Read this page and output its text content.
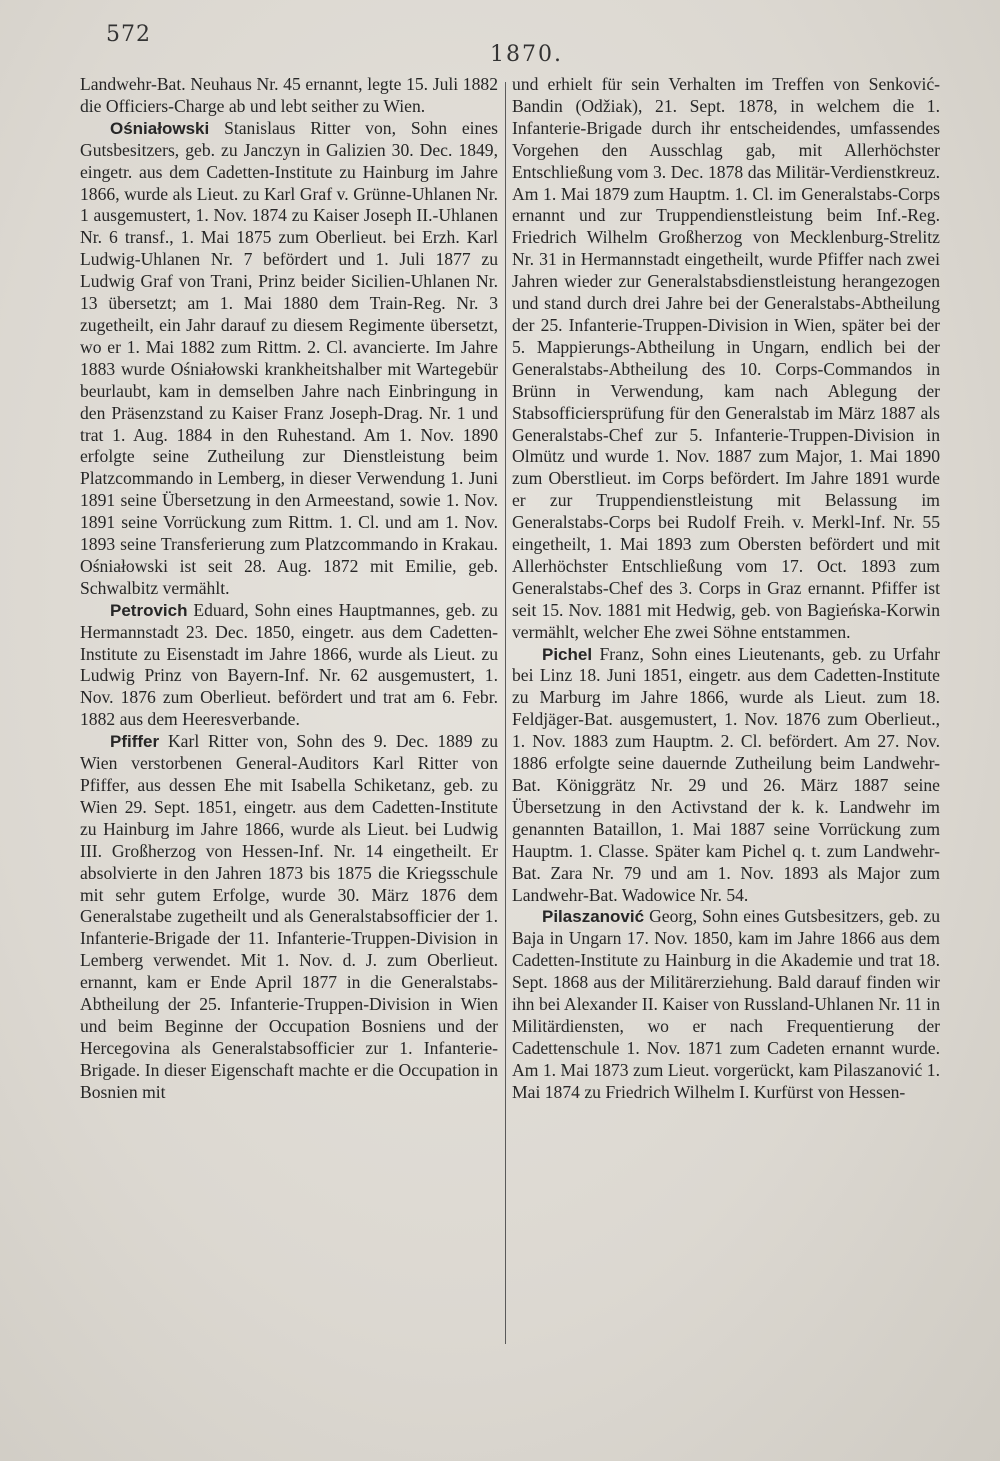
572
1870.

Landwehr-Bat. Neuhaus Nr. 45 ernannt, legte 15. Juli 1882 die Officiers-Charge ab und lebt seither zu Wien.

Ośniałowski Stanislaus Ritter von, Sohn eines Gutsbesitzers, geb. zu Janczyn in Galizien 30. Dec. 1849, eingetr. aus dem Cadetten-Institute zu Hainburg im Jahre 1866, wurde als Lieut. zu Karl Graf v. Grünne-Uhlanen Nr. 1 ausgemustert, 1. Nov. 1874 zu Kaiser Joseph II.-Uhlanen Nr. 6 transf., 1. Mai 1875 zum Oberlieut. bei Erzh. Karl Ludwig-Uhlanen Nr. 7 befördert und 1. Juli 1877 zu Ludwig Graf von Trani, Prinz beider Sicilien-Uhlanen Nr. 13 übersetzt; am 1. Mai 1880 dem Train-Reg. Nr. 3 zugetheilt, ein Jahr darauf zu diesem Regimente übersetzt, wo er 1. Mai 1882 zum Rittm. 2. Cl. avancierte. Im Jahre 1883 wurde Ośniałowski krankheitshalber mit Wartegebür beurlaubt, kam in demselben Jahre nach Einbringung in den Präsenzstand zu Kaiser Franz Joseph-Drag. Nr. 1 und trat 1. Aug. 1884 in den Ruhestand. Am 1. Nov. 1890 erfolgte seine Zutheilung zur Dienstleistung beim Platzcommando in Lemberg, in dieser Verwendung 1. Juni 1891 seine Übersetzung in den Armeestand, sowie 1. Nov. 1891 seine Vorrückung zum Rittm. 1. Cl. und am 1. Nov. 1893 seine Transferierung zum Platzcommando in Krakau. Ośniałowski ist seit 28. Aug. 1872 mit Emilie, geb. Schwalbitz vermählt.

Petrovich Eduard, Sohn eines Hauptmannes, geb. zu Hermannstadt 23. Dec. 1850, eingetr. aus dem Cadetten-Institute zu Eisenstadt im Jahre 1866, wurde als Lieut. zu Ludwig Prinz von Bayern-Inf. Nr. 62 ausgemustert, 1. Nov. 1876 zum Oberlieut. befördert und trat am 6. Febr. 1882 aus dem Heeresverbande.

Pfiffer Karl Ritter von, Sohn des 9. Dec. 1889 zu Wien verstorbenen General-Auditors Karl Ritter von Pfiffer, aus dessen Ehe mit Isabella Schiketanz, geb. zu Wien 29. Sept. 1851, eingetr. aus dem Cadetten-Institute zu Hainburg im Jahre 1866, wurde als Lieut. bei Ludwig III. Großherzog von Hessen-Inf. Nr. 14 eingetheilt. Er absolvierte in den Jahren 1873 bis 1875 die Kriegsschule mit sehr gutem Erfolge, wurde 30. März 1876 dem Generalstabe zugetheilt und als Generalstabsofficier der 1. Infanterie-Brigade der 11. Infanterie-Truppen-Division in Lemberg verwendet. Mit 1. Nov. d. J. zum Oberlieut. ernannt, kam er Ende April 1877 in die Generalstabs-Abtheilung der 25. Infanterie-Truppen-Division in Wien und beim Beginne der Occupation Bosniens und der Hercegovina als Generalstabsofficier zur 1. Infanterie-Brigade. In dieser Eigenschaft machte er die Occupation in Bosnien mit

und erhielt für sein Verhalten im Treffen von Senković-Bandin (Odžiak), 21. Sept. 1878, in welchem die 1. Infanterie-Brigade durch ihr entscheidendes, umfassendes Vorgehen den Ausschlag gab, mit Allerhöchster Entschließung vom 3. Dec. 1878 das Militär-Verdienstkreuz. Am 1. Mai 1879 zum Hauptm. 1. Cl. im Generalstabs-Corps ernannt und zur Truppendienstleistung beim Inf.-Reg. Friedrich Wilhelm Großherzog von Mecklenburg-Strelitz Nr. 31 in Hermannstadt eingetheilt, wurde Pfiffer nach zwei Jahren wieder zur Generalstabsdienstleistung herangezogen und stand durch drei Jahre bei der Generalstabs-Abtheilung der 25. Infanterie-Truppen-Division in Wien, später bei der 5. Mappierungs-Abtheilung in Ungarn, endlich bei der Generalstabs-Abtheilung des 10. Corps-Commandos in Brünn in Verwendung, kam nach Ablegung der Stabsofficiersprüfung für den Generalstab im März 1887 als Generalstabs-Chef zur 5. Infanterie-Truppen-Division in Olmütz und wurde 1. Nov. 1887 zum Major, 1. Mai 1890 zum Oberstlieut. im Corps befördert. Im Jahre 1891 wurde er zur Truppendienstleistung mit Belassung im Generalstabs-Corps bei Rudolf Freih. v. Merkl-Inf. Nr. 55 eingetheilt, 1. Mai 1893 zum Obersten befördert und mit Allerhöchster Entschließung vom 17. Oct. 1893 zum Generalstabs-Chef des 3. Corps in Graz ernannt. Pfiffer ist seit 15. Nov. 1881 mit Hedwig, geb. von Bagieńska-Korwin vermählt, welcher Ehe zwei Söhne entstammen.

Pichel Franz, Sohn eines Lieutenants, geb. zu Urfahr bei Linz 18. Juni 1851, eingetr. aus dem Cadetten-Institute zu Marburg im Jahre 1866, wurde als Lieut. zum 18. Feldjäger-Bat. ausgemustert, 1. Nov. 1876 zum Oberlieut., 1. Nov. 1883 zum Hauptm. 2. Cl. befördert. Am 27. Nov. 1886 erfolgte seine dauernde Zutheilung beim Landwehr-Bat. Königgrätz Nr. 29 und 26. März 1887 seine Übersetzung in den Activstand der k. k. Landwehr im genannten Bataillon, 1. Mai 1887 seine Vorrückung zum Hauptm. 1. Classe. Später kam Pichel q. t. zum Landwehr-Bat. Zara Nr. 79 und am 1. Nov. 1893 als Major zum Landwehr-Bat. Wadowice Nr. 54.

Pilaszanović Georg, Sohn eines Gutsbesitzers, geb. zu Baja in Ungarn 17. Nov. 1850, kam im Jahre 1866 aus dem Cadetten-Institute zu Hainburg in die Akademie und trat 18. Sept. 1868 aus der Militärerziehung. Bald darauf finden wir ihn bei Alexander II. Kaiser von Russland-Uhlanen Nr. 11 in Militärdiensten, wo er nach Frequentierung der Cadettenschule 1. Nov. 1871 zum Cadeten ernannt wurde. Am 1. Mai 1873 zum Lieut. vorgerückt, kam Pilaszanović 1. Mai 1874 zu Friedrich Wilhelm I. Kurfürst von Hessen-
